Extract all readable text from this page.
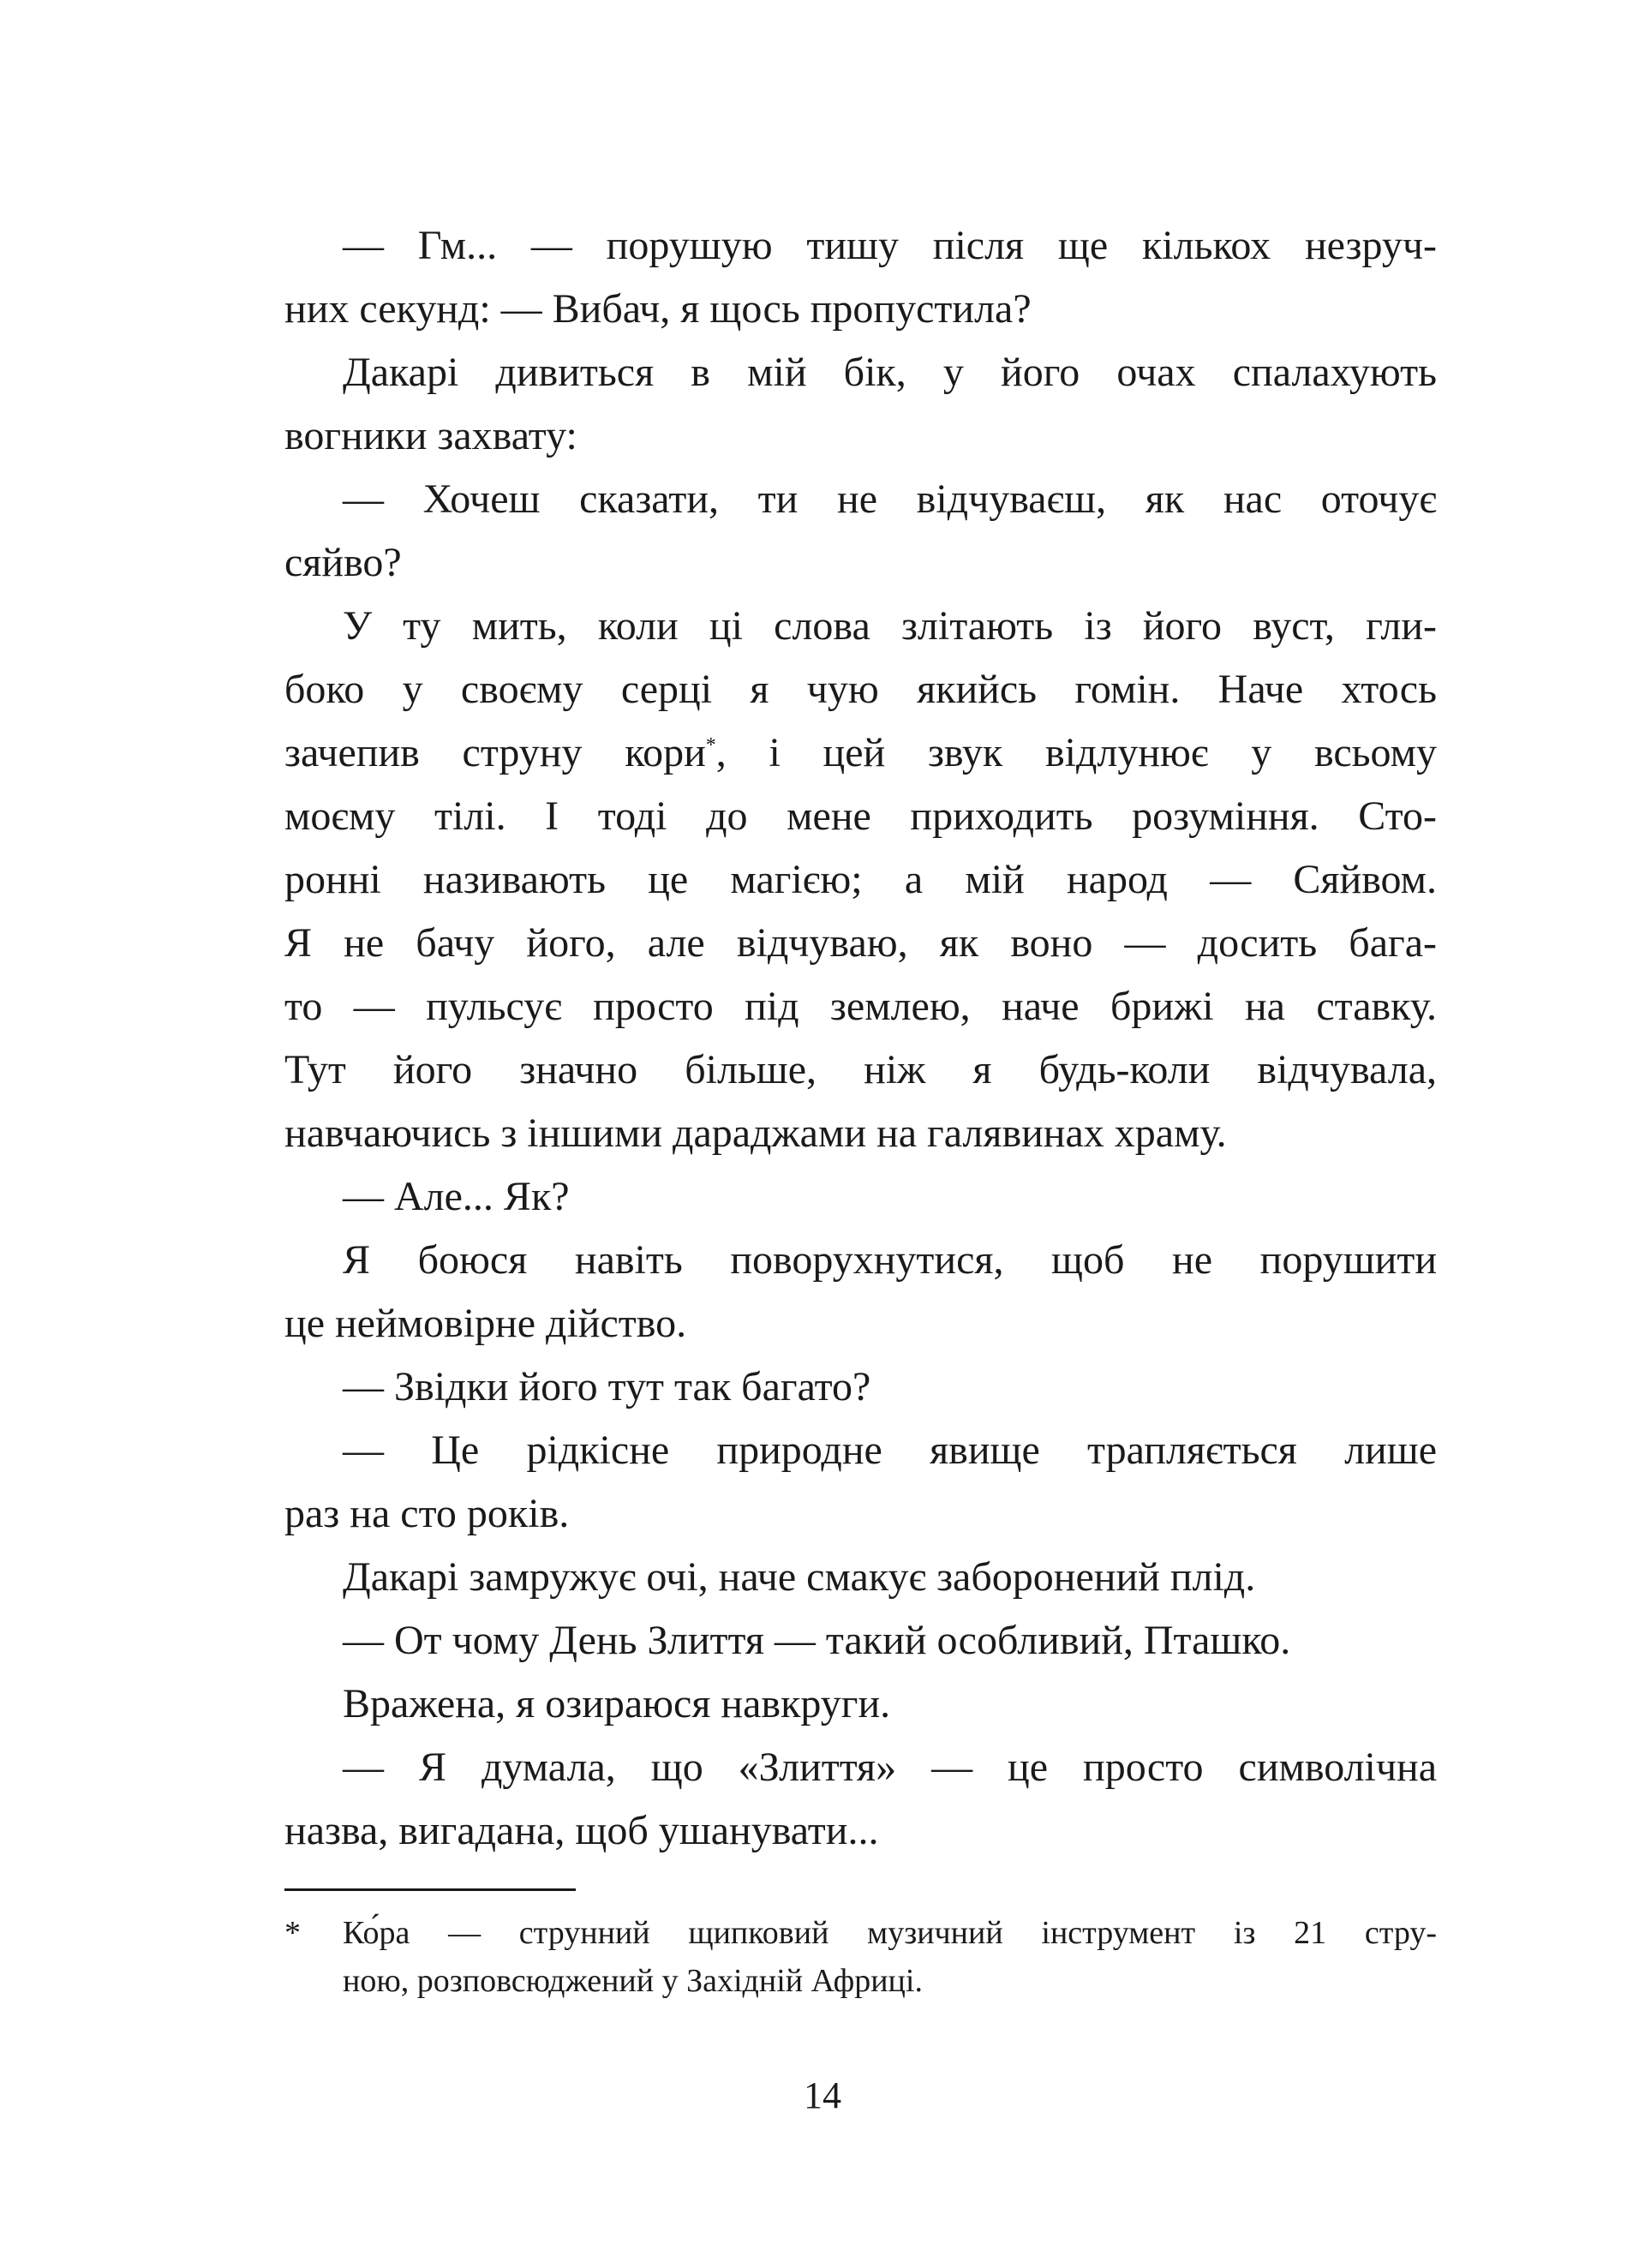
— Гм... — порушую тишу після ще кількох незруч-
них секунд: — Вибач, я щось пропустила?
Дакарі дивиться в мій бік, у його очах спалахують
вогники захвату:
— Хочеш сказати, ти не відчуваєш, як нас оточує
сяйво?
У ту мить, коли ці слова злітають із його вуст, гли-
боко у своєму серці я чую якийсь гомін. Наче хтось
зачепив струну кори*, і цей звук відлунює у всьому
моєму тілі. І тоді до мене приходить розуміння. Сто-
ронні називають це магією; а мій народ — Сяйвом.
Я не бачу його, але відчуваю, як воно — досить бага-
то — пульсує просто під землею, наче брижі на ставку.
Тут його значно більше, ніж я будь-коли відчувала,
навчаючись з іншими дараджами на галявинах храму.
— Але... Як?
Я боюся навіть поворухнутися, щоб не порушити
це неймовірне дійство.
— Звідки його тут так багато?
— Це рідкісне природне явище трапляється лише
раз на сто років.
Дакарі замружує очі, наче смакує заборонений плід.
— От чому День Злиття — такий особливий, Пташко.
Вражена, я озираюся навкруги.
— Я думала, що «Злиття» — це просто символічна
назва, вигадана, щоб ушанувати...
* Ко́ра — струнний щипковий музичний інструмент із 21 стру-
ною, розповсюджений у Західній Африці.
14
